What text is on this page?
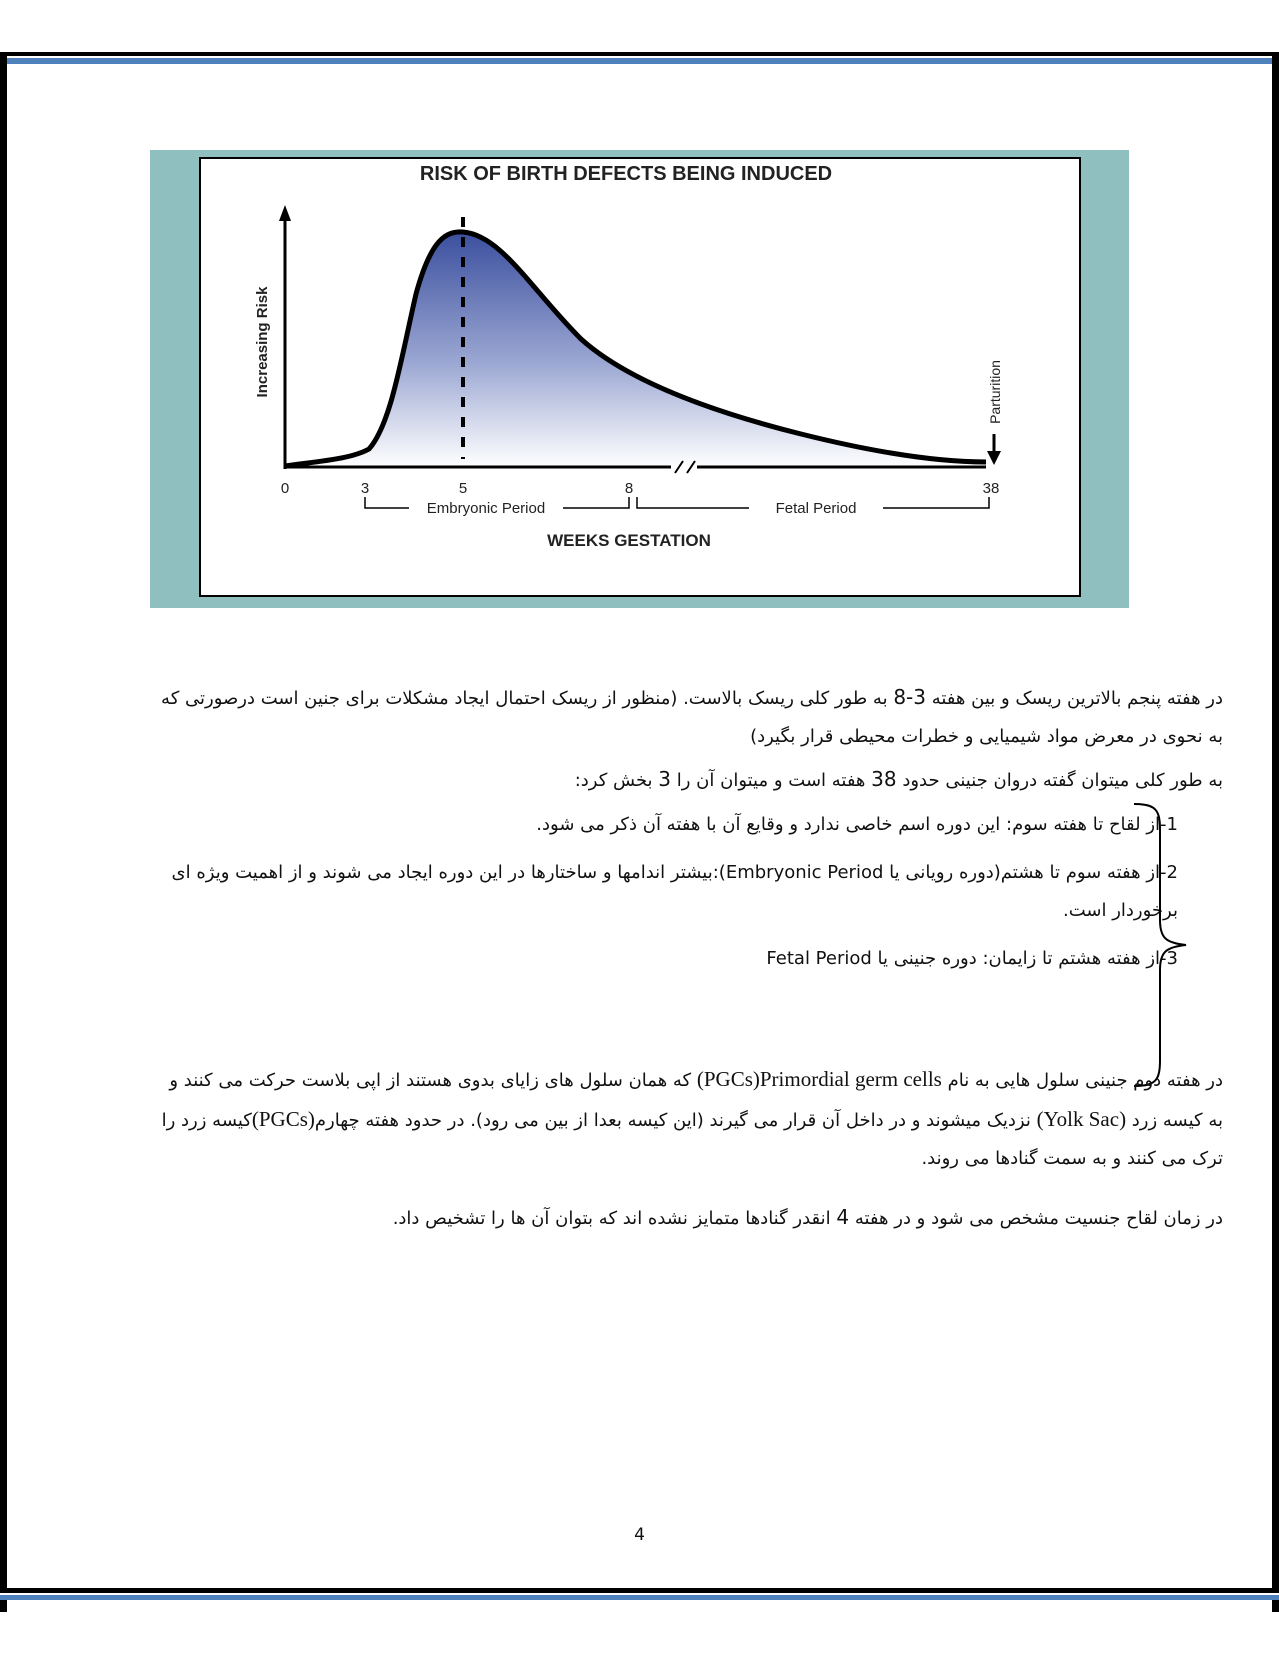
RISK OF BIRTH DEFECTS BEING INDUCED
Increasing Risk	Parturition
0	3	5	8	38
Embryonic Period	Fetal Period
WEEKS GESTATION

در هفته پنجم بالاترین ریسک و بین هفته 3-8 به طور کلی ریسک بالاست. (منظور از ریسک احتمال ایجاد مشکلات برای جنین است درصورتی که به نحوی در معرض مواد شیمیایی و خطرات محیطی قرار بگیرد)

به طور کلی میتوان گفته دروان جنینی حدود 38 هفته است و میتوان آن را 3 بخش کرد:

1-از لقاح تا هفته سوم: این دوره اسم خاصی ندارد و وقایع آن با هفته آن ذکر می شود.

2-از هفته سوم تا هشتم(دوره رویانی یا Embryonic Period):بیشتر اندامها و ساختارها در این دوره ایجاد می شوند و از اهمیت ویژه ای برخوردار است.

3-از هفته هشتم تا زایمان: دوره جنینی یا Fetal Period

در هفته دوم جنینی سلول هایی به نام (PGCs)Primordial germ cells که همان سلول های زایای بدوی هستند از اپی بلاست حرکت می کنند و به کیسه زرد (Yolk Sac) نزدیک میشوند و در داخل آن قرار می گیرند (این کیسه بعدا از بین می رود). در حدود هفته چهارم(PGCs)کیسه زرد را ترک می کنند و به سمت گنادها می روند.

در زمان لقاح جنسیت مشخص می شود و در هفته 4 انقدر گنادها متمایز نشده اند که بتوان آن ها را تشخیص داد.

4
